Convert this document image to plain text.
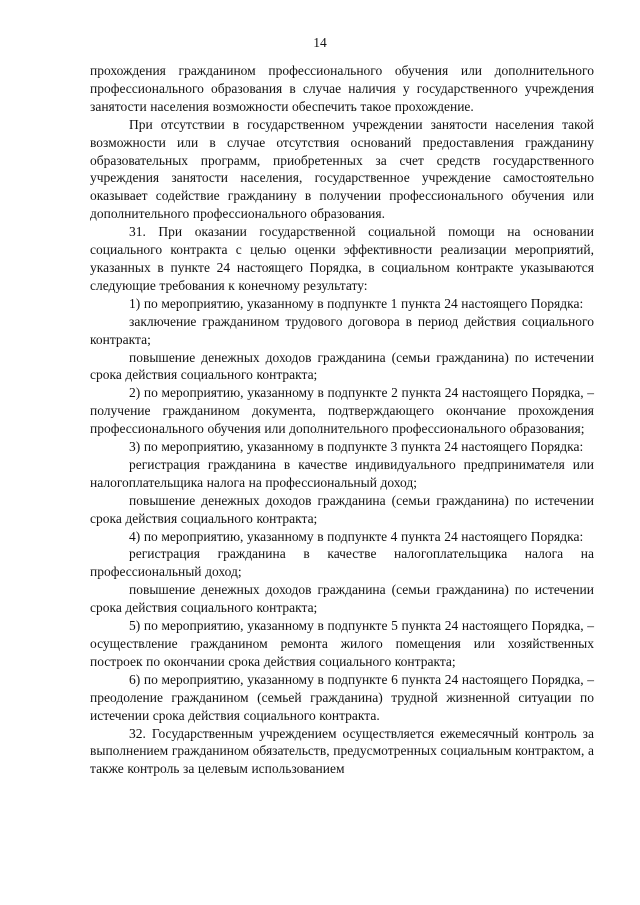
14

прохождения гражданином профессионального обучения или дополнительного профессионального образования в случае наличия у государственного учреждения занятости населения возможности обеспечить такое прохождение.

При отсутствии в государственном учреждении занятости населения такой возможности или в случае отсутствия оснований предоставления гражданину образовательных программ, приобретенных за счет средств государственного учреждения занятости населения, государственное учреждение самостоятельно оказывает содействие гражданину в получении профессионального обучения или дополнительного профессионального образования.

31. При оказании государственной социальной помощи на основании социального контракта с целью оценки эффективности реализации мероприятий, указанных в пункте 24 настоящего Порядка, в социальном контракте указываются следующие требования к конечному результату:

1) по мероприятию, указанному в подпункте 1 пункта 24 настоящего Порядка:

заключение гражданином трудового договора в период действия социального контракта;

повышение денежных доходов гражданина (семьи гражданина) по истечении срока действия социального контракта;

2) по мероприятию, указанному в подпункте 2 пункта 24 настоящего Порядка, – получение гражданином документа, подтверждающего окончание прохождения профессионального обучения или дополнительного профессионального образования;

3) по мероприятию, указанному в подпункте 3 пункта 24 настоящего Порядка:

регистрация гражданина в качестве индивидуального предпринимателя или налогоплательщика налога на профессиональный доход;

повышение денежных доходов гражданина (семьи гражданина) по истечении срока действия социального контракта;

4) по мероприятию, указанному в подпункте 4 пункта 24 настоящего Порядка:

регистрация гражданина в качестве налогоплательщика налога на профессиональный доход;

повышение денежных доходов гражданина (семьи гражданина) по истечении срока действия социального контракта;

5) по мероприятию, указанному в подпункте 5 пункта 24 настоящего Порядка, – осуществление гражданином ремонта жилого помещения или хозяйственных построек по окончании срока действия социального контракта;

6) по мероприятию, указанному в подпункте 6 пункта 24 настоящего Порядка, – преодоление гражданином (семьей гражданина) трудной жизненной ситуации по истечении срока действия социального контракта.

32. Государственным учреждением осуществляется ежемесячный контроль за выполнением гражданином обязательств, предусмотренных социальным контрактом, а также контроль за целевым использованием
